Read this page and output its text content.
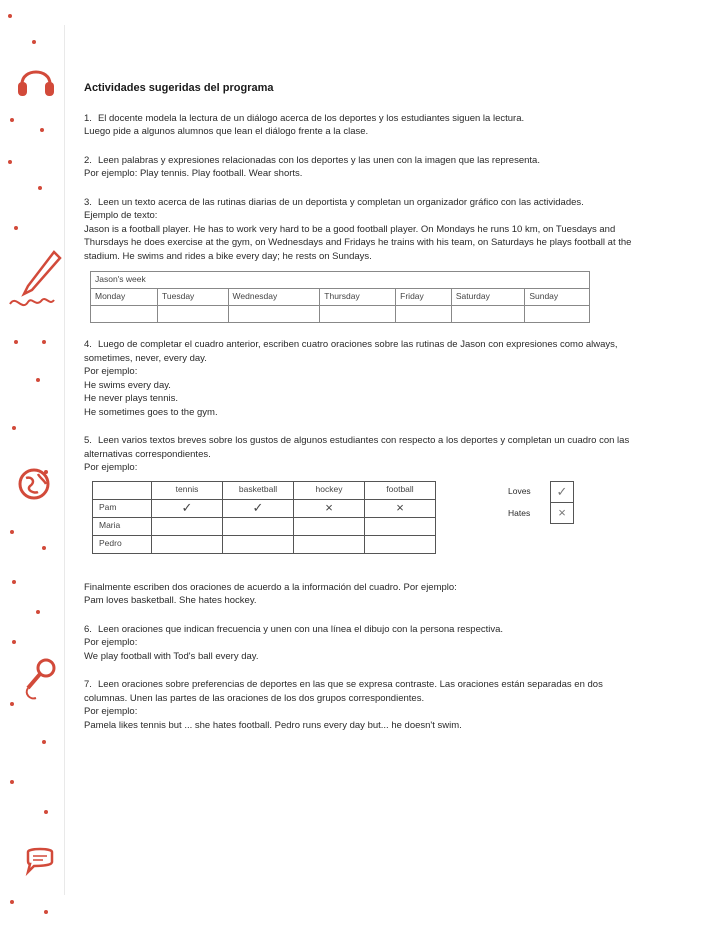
Actividades sugeridas del programa

1. El docente modela la lectura de un diálogo acerca de los deportes y los estudiantes siguen la lectura.

Luego pide a algunos alumnos que lean el diálogo frente a la clase.

2. Leen palabras y expresiones relacionadas con los deportes y las unen con la imagen que las representa.

Por ejemplo: Play tennis. Play football. Wear shorts.

3. Leen un texto acerca de las rutinas diarias de un deportista y completan un organizador gráfico con las actividades.

Ejemplo de texto:

Jason is a football player. He has to work very hard to be a good football player. On Mondays he runs 10 km, on Tuesdays and Thursdays he does exercise at the gym, on Wednesdays and Fridays he trains with his team, on Saturdays he plays football at the stadium. He swims and rides a bike every day; he rests on Sundays.

Jason's week						
Monday	Tuesday	Wednesday	Thursday	Friday	Saturday	Sunday

4. Luego de completar el cuadro anterior, escriben cuatro oraciones sobre las rutinas de Jason con expresiones como always, sometimes, never, every day.

Por ejemplo:

He swims every day.

He never plays tennis.

He sometimes goes to the gym.

5. Leen varios textos breves sobre los gustos de algunos estudiantes con respecto a los deportes y completan un cuadro con las alternativas correspondientes.

Por ejemplo:

	tennis	basketball	hockey	football
Pam	✓	✓	×	×
Maria				
Pedro				
Loves	✓
Hates	×

Finalmente escriben dos oraciones de acuerdo a la información del cuadro. Por ejemplo:

Pam loves basketball. She hates hockey.

6. Leen oraciones que indican frecuencia y unen con una línea el dibujo con la persona respectiva.

Por ejemplo:

We play football with Tod's ball every day.

7. Leen oraciones sobre preferencias de deportes en las que se expresa contraste. Las oraciones están separadas en dos columnas. Unen las partes de las oraciones de los dos grupos correspondientes.

Por ejemplo:

Pamela likes tennis but ... she hates football. Pedro runs every day but... he doesn't swim.
